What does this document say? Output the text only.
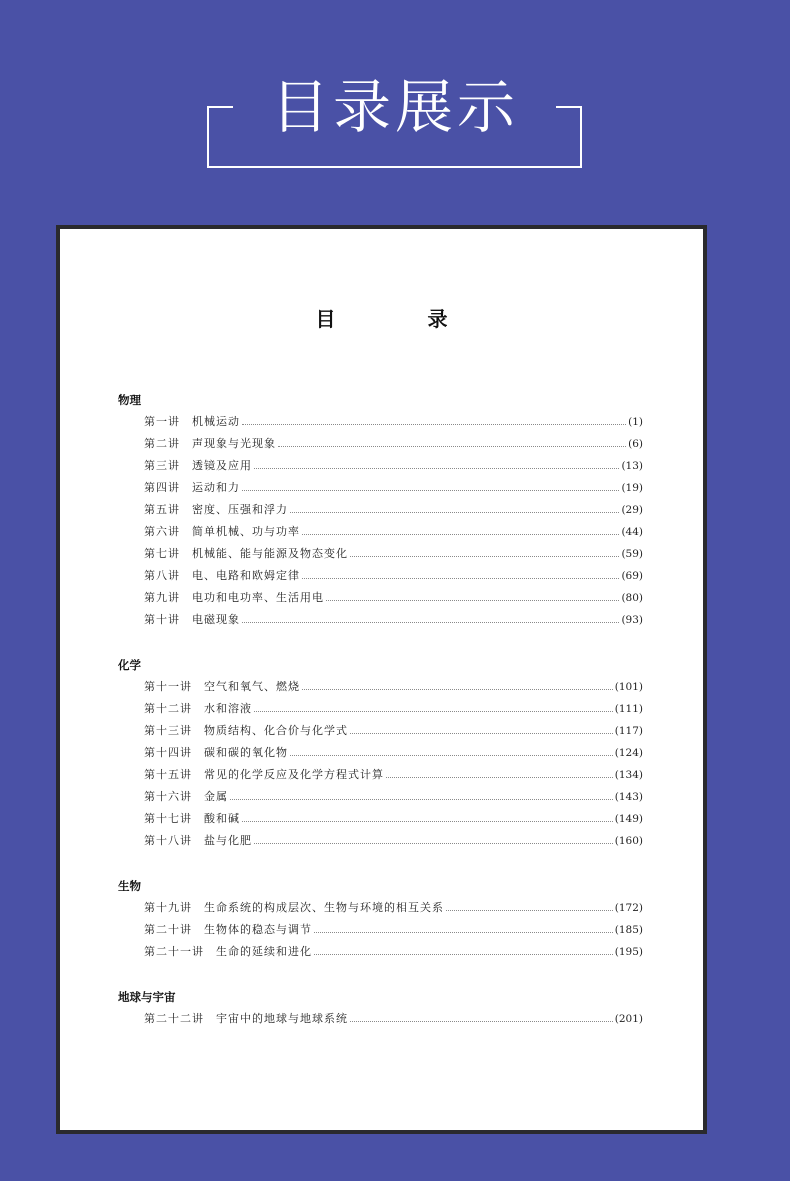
目录展示
目　录
物理
第一讲 机械运动	(1)
第二讲 声现象与光现象	(6)
第三讲 透镜及应用	(13)
第四讲 运动和力	(19)
第五讲 密度、压强和浮力	(29)
第六讲 简单机械、功与功率	(44)
第七讲 机械能、能与能源及物态变化	(59)
第八讲 电、电路和欧姆定律	(69)
第九讲 电功和电功率、生活用电	(80)
第十讲 电磁现象	(93)
化学
第十一讲 空气和氧气、燃烧	(101)
第十二讲 水和溶液	(111)
第十三讲 物质结构、化合价与化学式	(117)
第十四讲 碳和碳的氧化物	(124)
第十五讲 常见的化学反应及化学方程式计算	(134)
第十六讲 金属	(143)
第十七讲 酸和碱	(149)
第十八讲 盐与化肥	(160)
生物
第十九讲 生命系统的构成层次、生物与环境的相互关系	(172)
第二十讲 生物体的稳态与调节	(185)
第二十一讲 生命的延续和进化	(195)
地球与宇宙
第二十二讲 宇宙中的地球与地球系统	(201)
